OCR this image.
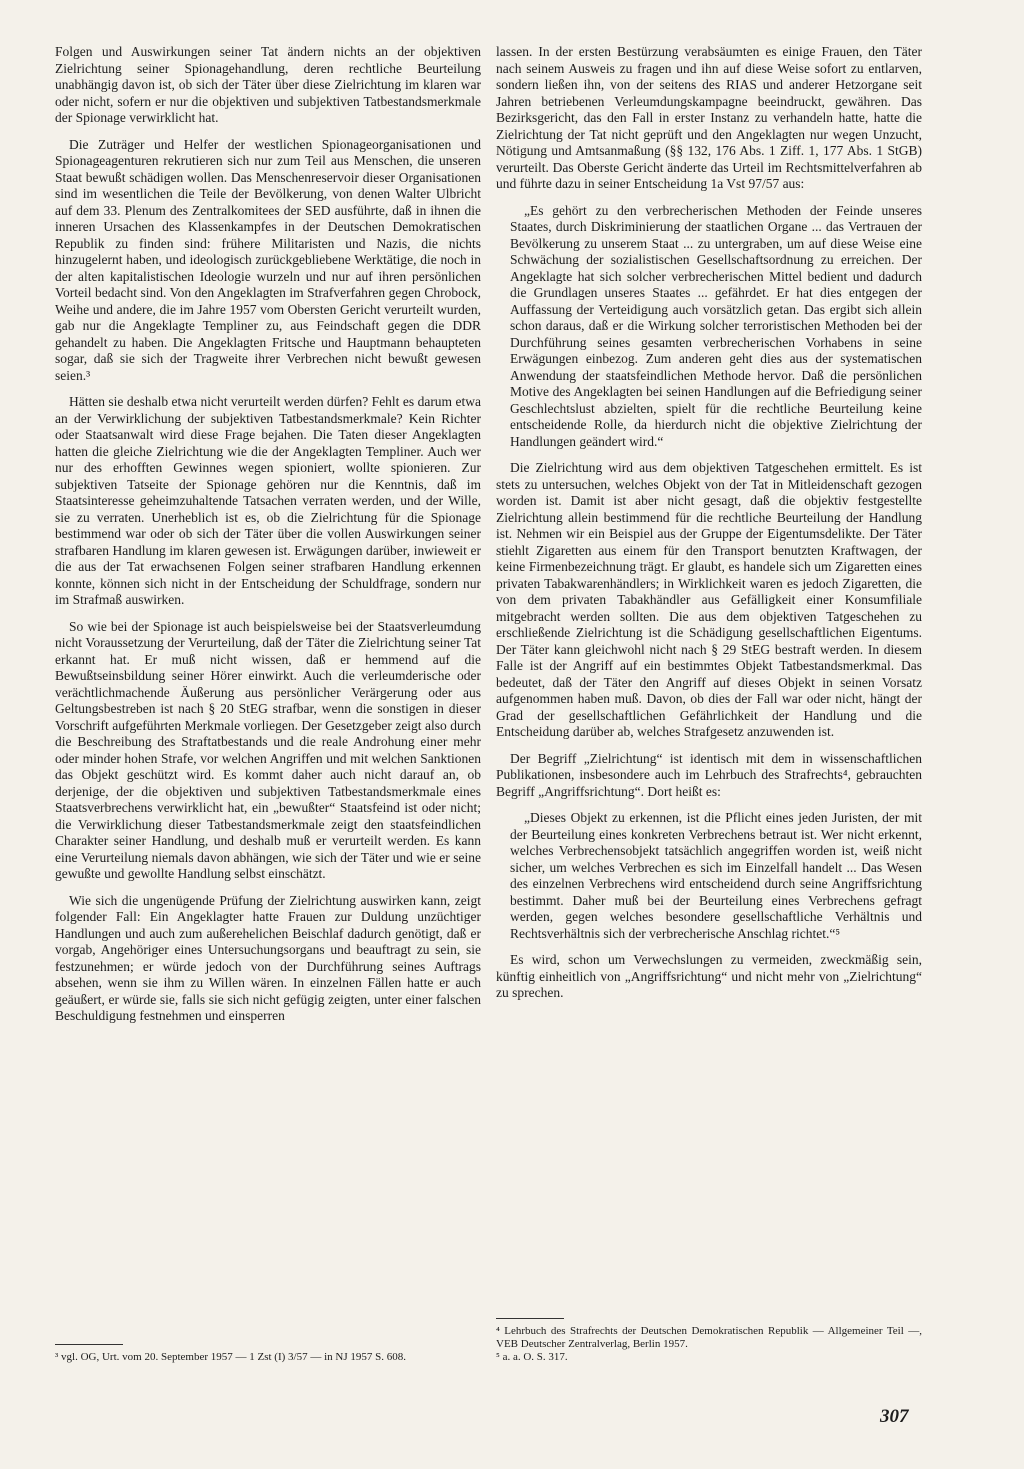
Folgen und Auswirkungen seiner Tat ändern nichts an der objektiven Zielrichtung seiner Spionagehandlung, deren rechtliche Beurteilung unabhängig davon ist, ob sich der Täter über diese Zielrichtung im klaren war oder nicht, sofern er nur die objektiven und subjektiven Tatbestandsmerkmale der Spionage verwirklicht hat.

Die Zuträger und Helfer der westlichen Spionageorganisationen und Spionageagenturen rekrutieren sich nur zum Teil aus Menschen, die unseren Staat bewußt schädigen wollen. Das Menschenreservoir dieser Organisationen sind im wesentlichen die Teile der Bevölkerung, von denen Walter Ulbricht auf dem 33. Plenum des Zentralkomitees der SED ausführte, daß in ihnen die inneren Ursachen des Klassenkampfes in der Deutschen Demokratischen Republik zu finden sind: frühere Militaristen und Nazis, die nichts hinzugelernt haben, und ideologisch zurückgebliebene Werktätige, die noch in der alten kapitalistischen Ideologie wurzeln und nur auf ihren persönlichen Vorteil bedacht sind. Von den Angeklagten im Strafverfahren gegen Chrobock, Weihe und andere, die im Jahre 1957 vom Obersten Gericht verurteilt wurden, gab nur die Angeklagte Templiner zu, aus Feindschaft gegen die DDR gehandelt zu haben. Die Angeklagten Fritsche und Hauptmann behaupteten sogar, daß sie sich der Tragweite ihrer Verbrechen nicht bewußt gewesen seien.³

Hätten sie deshalb etwa nicht verurteilt werden dürfen? Fehlt es darum etwa an der Verwirklichung der subjektiven Tatbestandsmerkmale? Kein Richter oder Staatsanwalt wird diese Frage bejahen. Die Taten dieser Angeklagten hatten die gleiche Zielrichtung wie die der Angeklagten Templiner. Auch wer nur des erhofften Gewinnes wegen spioniert, wollte spionieren. Zur subjektiven Tatseite der Spionage gehören nur die Kenntnis, daß im Staatsinteresse geheimzuhaltende Tatsachen verraten werden, und der Wille, sie zu verraten. Unerheblich ist es, ob die Zielrichtung für die Spionage bestimmend war oder ob sich der Täter über die vollen Auswirkungen seiner strafbaren Handlung im klaren gewesen ist. Erwägungen darüber, inwieweit er die aus der Tat erwachsenen Folgen seiner strafbaren Handlung erkennen konnte, können sich nicht in der Entscheidung der Schuldfrage, sondern nur im Strafmaß auswirken.

So wie bei der Spionage ist auch beispielsweise bei der Staatsverleumdung nicht Voraussetzung der Verurteilung, daß der Täter die Zielrichtung seiner Tat erkannt hat. Er muß nicht wissen, daß er hemmend auf die Bewußtseinsbildung seiner Hörer einwirkt. Auch die verleumderische oder verächtlichmachende Äußerung aus persönlicher Verärgerung oder aus Geltungsbestreben ist nach § 20 StEG strafbar, wenn die sonstigen in dieser Vorschrift aufgeführten Merkmale vorliegen. Der Gesetzgeber zeigt also durch die Beschreibung des Straftatbestands und die reale Androhung einer mehr oder minder hohen Strafe, vor welchen Angriffen und mit welchen Sanktionen das Objekt geschützt wird. Es kommt daher auch nicht darauf an, ob derjenige, der die objektiven und subjektiven Tatbestandsmerkmale eines Staatsverbrechens verwirklicht hat, ein „bewußter“ Staatsfeind ist oder nicht; die Verwirklichung dieser Tatbestandsmerkmale zeigt den staatsfeindlichen Charakter seiner Handlung, und deshalb muß er verurteilt werden. Es kann eine Verurteilung niemals davon abhängen, wie sich der Täter und wie er seine gewußte und gewollte Handlung selbst einschätzt.

Wie sich die ungenügende Prüfung der Zielrichtung auswirken kann, zeigt folgender Fall: Ein Angeklagter hatte Frauen zur Duldung unzüchtiger Handlungen und auch zum außerehelichen Beischlaf dadurch genötigt, daß er vorgab, Angehöriger eines Untersuchungsorgans und beauftragt zu sein, sie festzunehmen; er würde jedoch von der Durchführung seines Auftrags absehen, wenn sie ihm zu Willen wären. In einzelnen Fällen hatte er auch geäußert, er würde sie, falls sie sich nicht gefügig zeigten, unter einer falschen Beschuldigung festnehmen und einsperren

lassen. In der ersten Bestürzung verabsäumten es einige Frauen, den Täter nach seinem Ausweis zu fragen und ihn auf diese Weise sofort zu entlarven, sondern ließen ihn, von der seitens des RIAS und anderer Hetzorgane seit Jahren betriebenen Verleumdungskampagne beeindruckt, gewähren. Das Bezirksgericht, das den Fall in erster Instanz zu verhandeln hatte, hatte die Zielrichtung der Tat nicht geprüft und den Angeklagten nur wegen Unzucht, Nötigung und Amtsanmaßung (§§ 132, 176 Abs. 1 Ziff. 1, 177 Abs. 1 StGB) verurteilt. Das Oberste Gericht änderte das Urteil im Rechtsmittelverfahren ab und führte dazu in seiner Entscheidung 1a Vst 97/57 aus:

„Es gehört zu den verbrecherischen Methoden der Feinde unseres Staates, durch Diskriminierung der staatlichen Organe ... das Vertrauen der Bevölkerung zu unserem Staat ... zu untergraben, um auf diese Weise eine Schwächung der sozialistischen Gesellschaftsordnung zu erreichen. Der Angeklagte hat sich solcher verbrecherischen Mittel bedient und dadurch die Grundlagen unseres Staates ... gefährdet. Er hat dies entgegen der Auffassung der Verteidigung auch vorsätzlich getan. Das ergibt sich allein schon daraus, daß er die Wirkung solcher terroristischen Methoden bei der Durchführung seines gesamten verbrecherischen Vorhabens in seine Erwägungen einbezog. Zum anderen geht dies aus der systematischen Anwendung der staatsfeindlichen Methode hervor. Daß die persönlichen Motive des Angeklagten bei seinen Handlungen auf die Befriedigung seiner Geschlechtslust abzielten, spielt für die rechtliche Beurteilung keine entscheidende Rolle, da hierdurch nicht die objektive Zielrichtung der Handlungen geändert wird.“

Die Zielrichtung wird aus dem objektiven Tatgeschehen ermittelt. Es ist stets zu untersuchen, welches Objekt von der Tat in Mitleidenschaft gezogen worden ist. Damit ist aber nicht gesagt, daß die objektiv festgestellte Zielrichtung allein bestimmend für die rechtliche Beurteilung der Handlung ist. Nehmen wir ein Beispiel aus der Gruppe der Eigentumsdelikte. Der Täter stiehlt Zigaretten aus einem für den Transport benutzten Kraftwagen, der keine Firmenbezeichnung trägt. Er glaubt, es handele sich um Zigaretten eines privaten Tabakwarenhändlers; in Wirklichkeit waren es jedoch Zigaretten, die von dem privaten Tabakhändler aus Gefälligkeit einer Konsumfiliale mitgebracht werden sollten. Die aus dem objektiven Tatgeschehen zu erschließende Zielrichtung ist die Schädigung gesellschaftlichen Eigentums. Der Täter kann gleichwohl nicht nach § 29 StEG bestraft werden. In diesem Falle ist der Angriff auf ein bestimmtes Objekt Tatbestandsmerkmal. Das bedeutet, daß der Täter den Angriff auf dieses Objekt in seinen Vorsatz aufgenommen haben muß. Davon, ob dies der Fall war oder nicht, hängt der Grad der gesellschaftlichen Gefährlichkeit der Handlung und die Entscheidung darüber ab, welches Strafgesetz anzuwenden ist.

Der Begriff „Zielrichtung“ ist identisch mit dem in wissenschaftlichen Publikationen, insbesondere auch im Lehrbuch des Strafrechts⁴, gebrauchten Begriff „Angriffsrichtung“. Dort heißt es:

„Dieses Objekt zu erkennen, ist die Pflicht eines jeden Juristen, der mit der Beurteilung eines konkreten Verbrechens betraut ist. Wer nicht erkennt, welches Verbrechensobjekt tatsächlich angegriffen worden ist, weiß nicht sicher, um welches Verbrechen es sich im Einzelfall handelt ... Das Wesen des einzelnen Verbrechens wird entscheidend durch seine Angriffsrichtung bestimmt. Daher muß bei der Beurteilung eines Verbrechens gefragt werden, gegen welches besondere gesellschaftliche Verhältnis und Rechtsverhältnis sich der verbrecherische Anschlag richtet.“⁵

Es wird, schon um Verwechslungen zu vermeiden, zweckmäßig sein, künftig einheitlich von „Angriffsrichtung“ und nicht mehr von „Zielrichtung“ zu sprechen.

³ vgl. OG, Urt. vom 20. September 1957 — 1 Zst (I) 3/57 — in NJ 1957 S. 608.
⁴ Lehrbuch des Strafrechts der Deutschen Demokratischen Republik — Allgemeiner Teil —, VEB Deutscher Zentralverlag, Berlin 1957.
⁵ a. a. O. S. 317.
307
